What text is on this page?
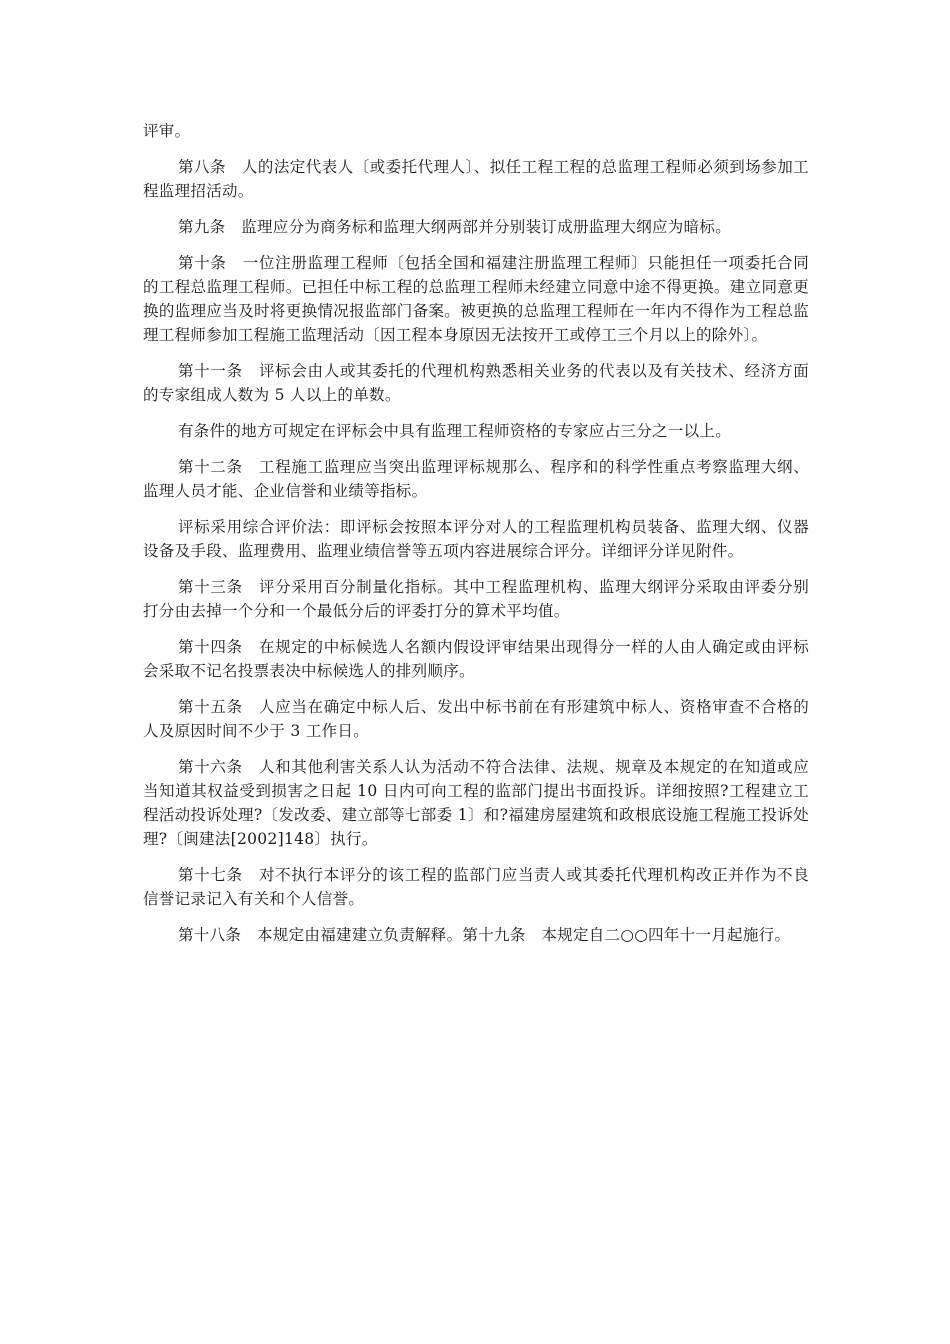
评审。

第八条　人的法定代表人〔或委托代理人〕、拟任工程工程的总监理工程师必须到场参加工程监理招活动。

第九条　监理应分为商务标和监理大纲两部并分别装订成册监理大纲应为暗标。

第十条　一位注册监理工程师〔包括全国和福建注册监理工程师〕只能担任一项委托合同的工程总监理工程师。已担任中标工程的总监理工程师未经建立同意中途不得更换。建立同意更换的监理应当及时将更换情况报监部门备案。被更换的总监理工程师在一年内不得作为工程总监理工程师参加工程施工监理活动〔因工程本身原因无法按开工或停工三个月以上的除外〕。

第十一条　评标会由人或其委托的代理机构熟悉相关业务的代表以及有关技术、经济方面的专家组成人数为 5 人以上的单数。

有条件的地方可规定在评标会中具有监理工程师资格的专家应占三分之一以上。

第十二条　工程施工监理应当突出监理评标规那么、程序和的科学性重点考察监理大纲、监理人员才能、企业信誉和业绩等指标。

评标采用综合评价法：即评标会按照本评分对人的工程监理机构员装备、监理大纲、仪器设备及手段、监理费用、监理业绩信誉等五项内容进展综合评分。详细评分详见附件。

第十三条　评分采用百分制量化指标。其中工程监理机构、监理大纲评分采取由评委分别打分由去掉一个分和一个最低分后的评委打分的算术平均值。

第十四条　在规定的中标候选人名额内假设评审结果出现得分一样的人由人确定或由评标会采取不记名投票表决中标候选人的排列顺序。

第十五条　人应当在确定中标人后、发出中标书前在有形建筑中标人、资格审查不合格的人及原因时间不少于 3 工作日。

第十六条　人和其他利害关系人认为活动不符合法律、法规、规章及本规定的在知道或应当知道其权益受到损害之日起 10 日内可向工程的监部门提出书面投诉。详细按照?工程建立工程活动投诉处理?〔发改委、建立部等七部委 1〕和?福建房屋建筑和政根底设施工程施工投诉处理?〔闽建法[2002]148〕执行。

第十七条　对不执行本评分的该工程的监部门应当责人或其委托代理机构改正并作为不良信誉记录记入有关和个人信誉。

第十八条　本规定由福建建立负责解释。第十九条　本规定自二○○四年十一月起施行。
